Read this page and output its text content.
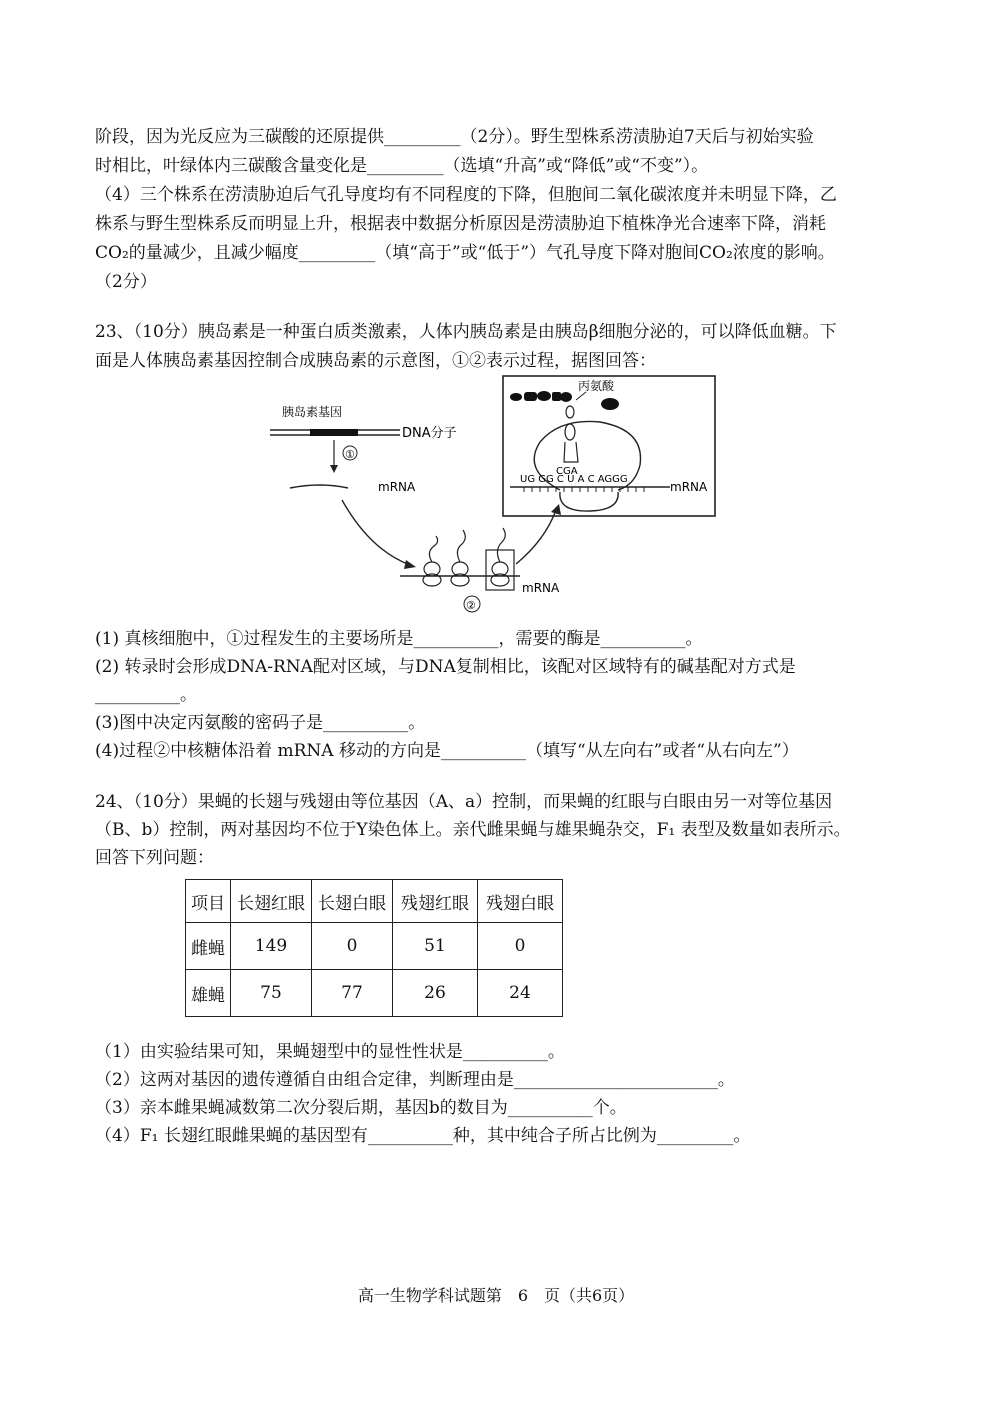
阶段，因为光反应为三碳酸的还原提供_________（2分）。野生型株系涝渍胁迫7天后与初始实验
时相比，叶绿体内三碳酸含量变化是_________（选填“升高”或“降低”或“不变”）。
（4）三个株系在涝渍胁迫后气孔导度均有不同程度的下降，但胞间二氧化碳浓度并未明显下降，乙
株系与野生型株系反而明显上升，根据表中数据分析原因是涝渍胁迫下植株净光合速率下降，消耗
CO₂的量减少，且减少幅度_________（填“高于”或“低于”）气孔导度下降对胞间CO₂浓度的影响。
（2分）
23、（10分）胰岛素是一种蛋白质类激素，人体内胰岛素是由胰岛β细胞分泌的，可以降低血糖。下
面是人体胰岛素基因控制合成胰岛素的示意图，①②表示过程，据图回答：
胰岛素基因
DNA分子
①
mRNA
mRNA
②
丙氨酸
CGA
UG GG C U A C AGGG
mRNA
(1) 真核细胞中，①过程发生的主要场所是__________，需要的酶是__________。
(2) 转录时会形成DNA-RNA配对区域，与DNA复制相比，该配对区域特有的碱基配对方式是
__________。
(3)图中决定丙氨酸的密码子是__________。
(4)过程②中核糖体沿着 mRNA 移动的方向是__________（填写“从左向右”或者“从右向左”）
24、（10分）果蝇的长翅与残翅由等位基因（A、a）控制，而果蝇的红眼与白眼由另一对等位基因
（B、b）控制，两对基因均不位于Y染色体上。亲代雌果蝇与雄果蝇杂交，F₁ 表型及数量如表所示。
回答下列问题：
项目	长翅红眼	长翅白眼	残翅红眼	残翅白眼
雌蝇	149	0	51	0
雄蝇	75	77	26	24
（1）由实验结果可知，果蝇翅型中的显性性状是__________。
（2）这两对基因的遗传遵循自由组合定律，判断理由是________________________。
（3）亲本雌果蝇减数第二次分裂后期，基因b的数目为__________个。
（4）F₁ 长翅红眼雌果蝇的基因型有__________种，其中纯合子所占比例为_________。
高一生物学科试题第　6　页（共6页）
